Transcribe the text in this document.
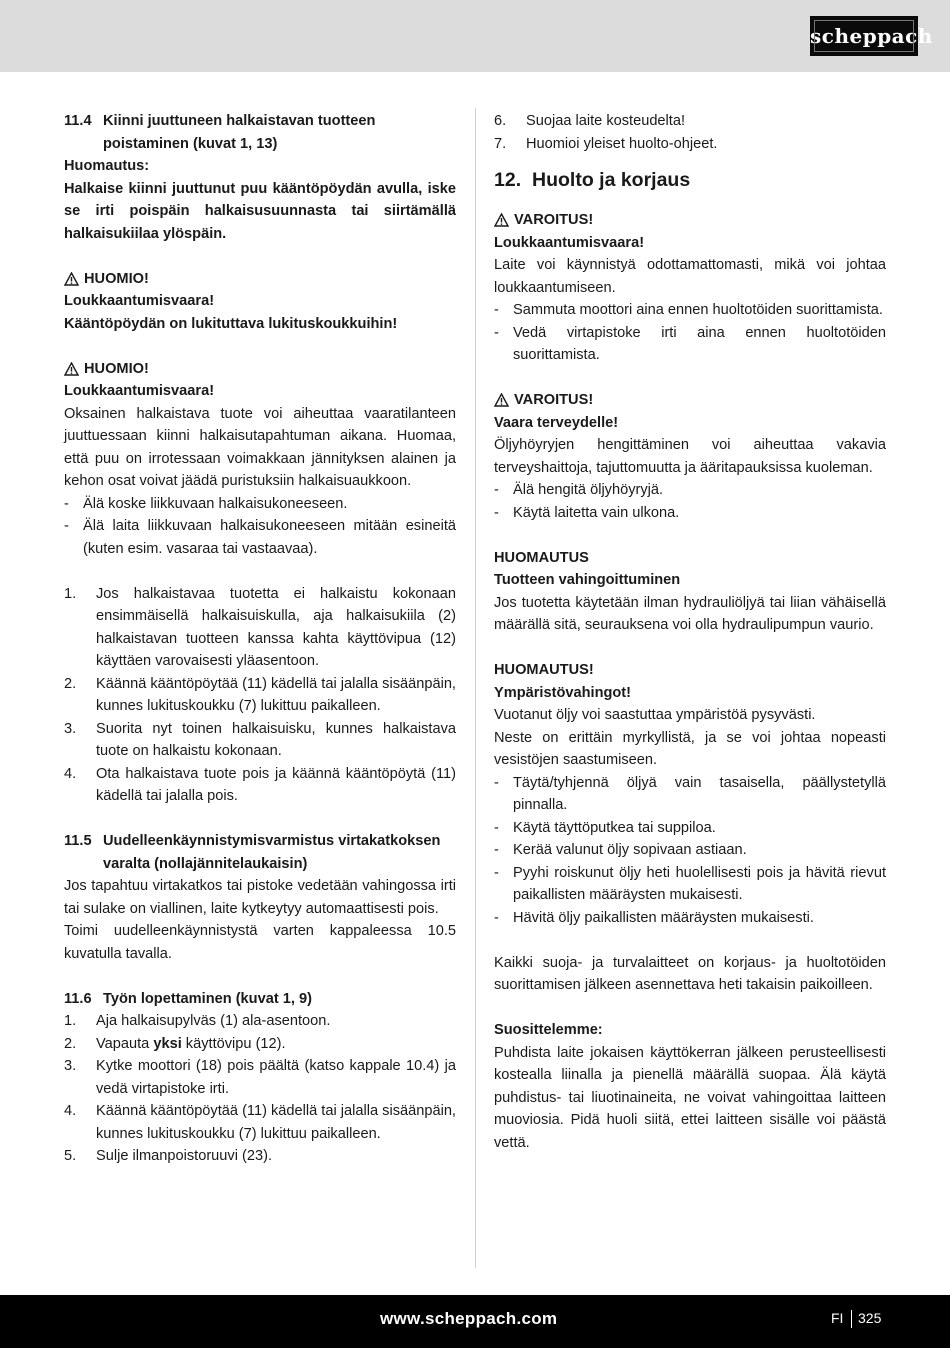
scheppach
11.4 Kiinni juuttuneen halkaistavan tuotteen poistaminen (kuvat 1, 13)

Huomautus:

Halkaise kiinni juuttunut puu kääntöpöydän avulla, iske se irti poispäin halkaisusuunnasta tai siirtämällä halkaisukiilaa ylöspäin.

HUOMIO!

Loukkaantumisvaara!

Kääntöpöydän on lukituttava lukituskoukkuihin!

HUOMIO!

Loukkaantumisvaara!

Oksainen halkaistava tuote voi aiheuttaa vaaratilanteen juuttuessaan kiinni halkaisutapahtuman aikana. Huomaa, että puu on irrotessaan voimakkaan jännityksen alainen ja kehon osat voivat jäädä puristuksiin halkaisuaukkoon.

- Älä koske liikkuvaan halkaisukoneeseen.
- Älä laita liikkuvaan halkaisukoneeseen mitään esineitä (kuten esim. vasaraa tai vastaavaa).
1.	Jos halkaistavaa tuotetta ei halkaistu kokonaan ensimmäisellä halkaisuiskulla, aja halkaisukiila (2) halkaistavan tuotteen kanssa kahta käyttövipua (12) käyttäen varovaisesti yläasentoon.
2.	Käännä kääntöpöytää (11) kädellä tai jalalla sisäänpäin, kunnes lukituskoukku (7) lukittuu paikalleen.
3.	Suorita nyt toinen halkaisuisku, kunnes halkaistava tuote on halkaistu kokonaan.
4.	Ota halkaistava tuote pois ja käännä kääntöpöytä (11) kädellä tai jalalla pois.
11.5 Uudelleenkäynnistymisvarmistus virtakatkoksen varalta (nollajännitelaukaisin)

Jos tapahtuu virtakatkos tai pistoke vedetään vahingossa irti tai sulake on viallinen, laite kytkeytyy automaattisesti pois.

Toimi uudelleenkäynnistystä varten kappaleessa 10.5 kuvatulla tavalla.

11.6 Työn lopettaminen (kuvat 1, 9)
1.	Aja halkaisupylväs (1) ala-asentoon.
2.	Vapauta yksi käyttövipu (12).
3.	Kytke moottori (18) pois päältä (katso kappale 10.4) ja vedä virtapistoke irti.
4.	Käännä kääntöpöytää (11) kädellä tai jalalla sisäänpäin, kunnes lukituskoukku (7) lukittuu paikalleen.
5.	Sulje ilmanpoistoruuvi (23).
6.	Suojaa laite kosteudelta!
7.	Huomioi yleiset huolto-ohjeet.
12. Huolto ja korjaus
VAROITUS!

Loukkaantumisvaara!

Laite voi käynnistyä odottamattomasti, mikä voi johtaa loukkaantumiseen.

- Sammuta moottori aina ennen huoltotöiden suorittamista.
- Vedä virtapistoke irti aina ennen huoltotöiden suorittamista.
VAROITUS!

Vaara terveydelle!

Öljyhöyryjen hengittäminen voi aiheuttaa vakavia terveyshaittoja, tajuttomuutta ja ääritapauksissa kuoleman.

- Älä hengitä öljyhöyryjä.
- Käytä laitetta vain ulkona.

HUOMAUTUS

Tuotteen vahingoittuminen

Jos tuotetta käytetään ilman hydrauliöljyä tai liian vähäisellä määrällä sitä, seurauksena voi olla hydraulipumpun vaurio.

HUOMAUTUS!

Ympäristövahingot!

Vuotanut öljy voi saastuttaa ympäristöä pysyvästi.

Neste on erittäin myrkyllistä, ja se voi johtaa nopeasti vesistöjen saastumiseen.

- Täytä/tyhjennä öljyä vain tasaisella, päällystetyllä pinnalla.
- Käytä täyttöputkea tai suppiloa.
- Kerää valunut öljy sopivaan astiaan.
- Pyyhi roiskunut öljy heti huolellisesti pois ja hävitä rievut paikallisten määräysten mukaisesti.
- Hävitä öljy paikallisten määräysten mukaisesti.

Kaikki suoja- ja turvalaitteet on korjaus- ja huoltotöiden suorittamisen jälkeen asennettava heti takaisin paikoilleen.

Suosittelemme:

Puhdista laite jokaisen käyttökerran jälkeen perusteellisesti kostealla liinalla ja pienellä määrällä suopaa. Älä käytä puhdistus- tai liuotinaineita, ne voivat vahingoittaa laitteen muoviosia. Pidä huoli siitä, ettei laitteen sisälle voi päästä vettä.

www.scheppach.com	FI 325
